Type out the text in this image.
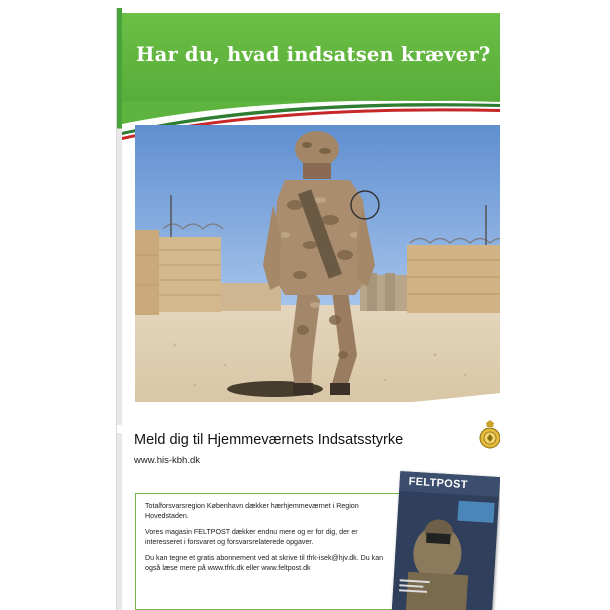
Har du, hvad indsatsen kræver?
Meld dig til Hjemmeværnets Indsatsstyrke
www.his-kbh.dk

Totalforsvarsregion København dækker hærhjemmeværnet i Region Hovedstaden.

Vores magasin FELTPOST dækker endnu mere og er for dig, der er interesseret i forsvaret og forsvarsrelaterede opgaver.

Du kan tegne et gratis abonnement ved at skrive til tfrk-isek@hjv.dk. Du kan også læse mere på www.tfrk.dk eller www.feltpost.dk

FELTPOST
